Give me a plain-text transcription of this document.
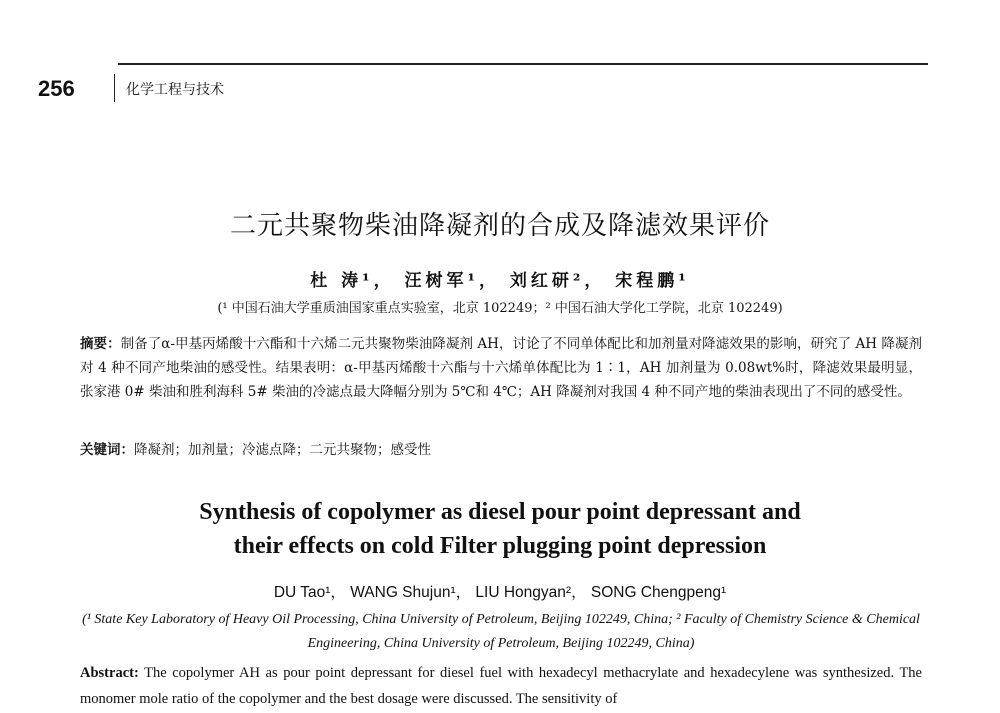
256	化学工程与技术
二元共聚物柴油降凝剂的合成及降滤效果评价
杜 涛¹， 汪树军¹， 刘红研²， 宋程鹏¹
(¹ 中国石油大学重质油国家重点实验室，北京 102249；² 中国石油大学化工学院，北京 102249)
摘要：制备了α-甲基丙烯酸十六酯和十六烯二元共聚物柴油降凝剂 AH，讨论了不同单体配比和加剂量对降滤效果的影响，研究了 AH 降凝剂对 4 种不同产地柴油的感受性。结果表明：α-甲基丙烯酸十六酯与十六烯单体配比为 1∶1，AH 加剂量为 0.08wt%时，降滤效果最明显，张家港 0# 柴油和胜利海科 5# 柴油的冷滤点最大降幅分别为 5℃和 4℃；AH 降凝剂对我国 4 种不同产地的柴油表现出了不同的感受性。
关键词：降凝剂；加剂量；冷滤点降；二元共聚物；感受性
Synthesis of copolymer as diesel pour point depressant and
their effects on cold Filter plugging point depression
DU Tao¹， WANG Shujun¹， LIU Hongyan²， SONG Chengpeng¹
(¹ State Key Laboratory of Heavy Oil Processing, China University of Petroleum, Beijing 102249, China; ² Faculty of Chemistry Science & Chemical Engineering, China University of Petroleum, Beijing 102249, China)
Abstract: The copolymer AH as pour point depressant for diesel fuel with hexadecyl methacrylate and hexadecylene was synthesized. The monomer mole ratio of the copolymer and the best dosage were discussed. The sensitivity of
